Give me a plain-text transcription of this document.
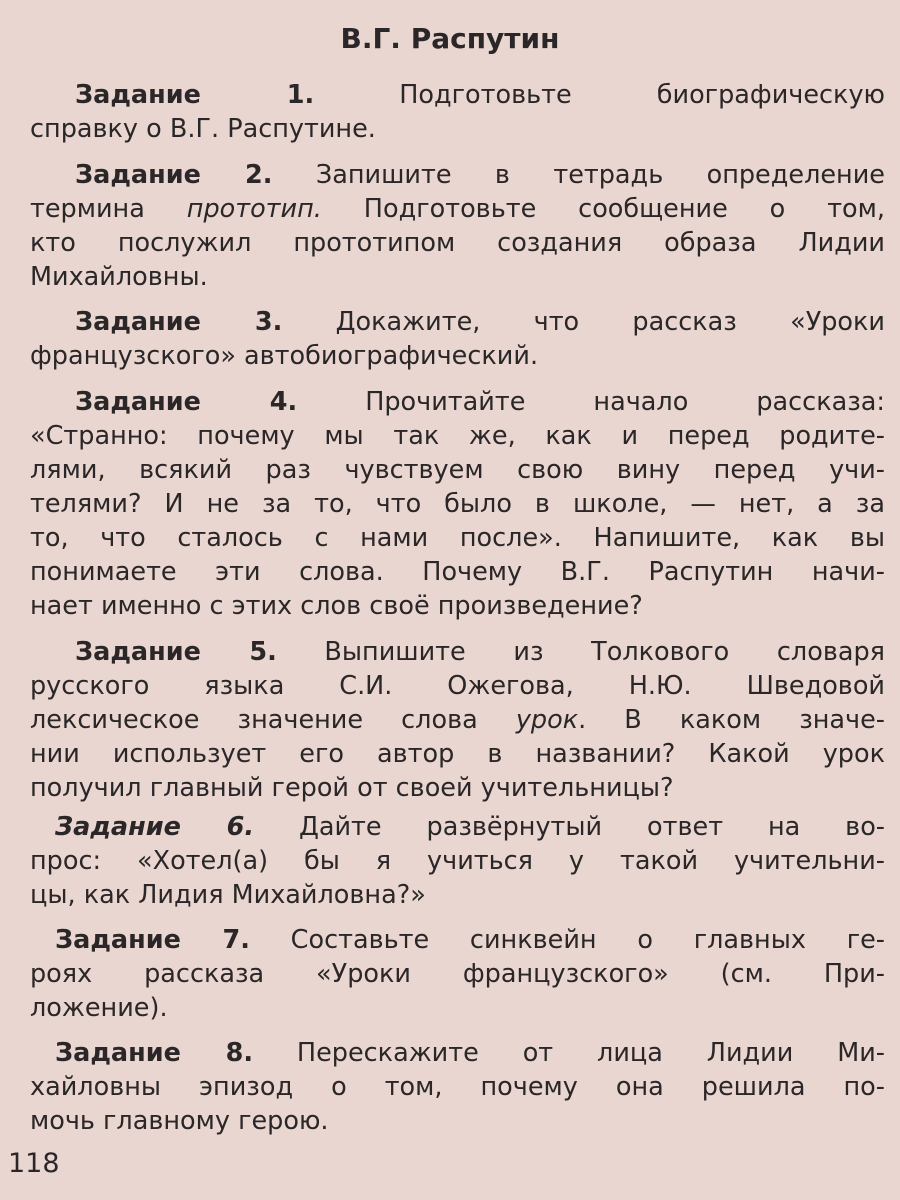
В.Г. Распутин
Задание 1. Подготовьте биографическую
справку о В.Г. Распутине.
Задание 2. Запишите в тетрадь определение
термина прототип. Подготовьте сообщение о том,
кто послужил прототипом создания образа Лидии
Михайловны.
Задание 3. Докажите, что рассказ «Уроки
французского» автобиографический.
Задание 4. Прочитайте начало рассказа:
«Странно: почему мы так же, как и перед родите-
лями, всякий раз чувствуем свою вину перед учи-
телями? И не за то, что было в школе, — нет, а за
то, что сталось с нами после». Напишите, как вы
понимаете эти слова. Почему В.Г. Распутин начи-
нает именно с этих слов своё произведение?
Задание 5. Выпишите из Толкового словаря
русского языка С.И. Ожегова, Н.Ю. Шведовой
лексическое значение слова урок. В каком значе-
нии использует его автор в названии? Какой урок
получил главный герой от своей учительницы?
Задание 6. Дайте развёрнутый ответ на во-
прос: «Хотел(а) бы я учиться у такой учительни-
цы, как Лидия Михайловна?»
Задание 7. Составьте синквейн о главных ге-
роях рассказа «Уроки французского» (см. При-
ложение).
Задание 8. Перескажите от лица Лидии Ми-
хайловны эпизод о том, почему она решила по-
мочь главному герою.
118
